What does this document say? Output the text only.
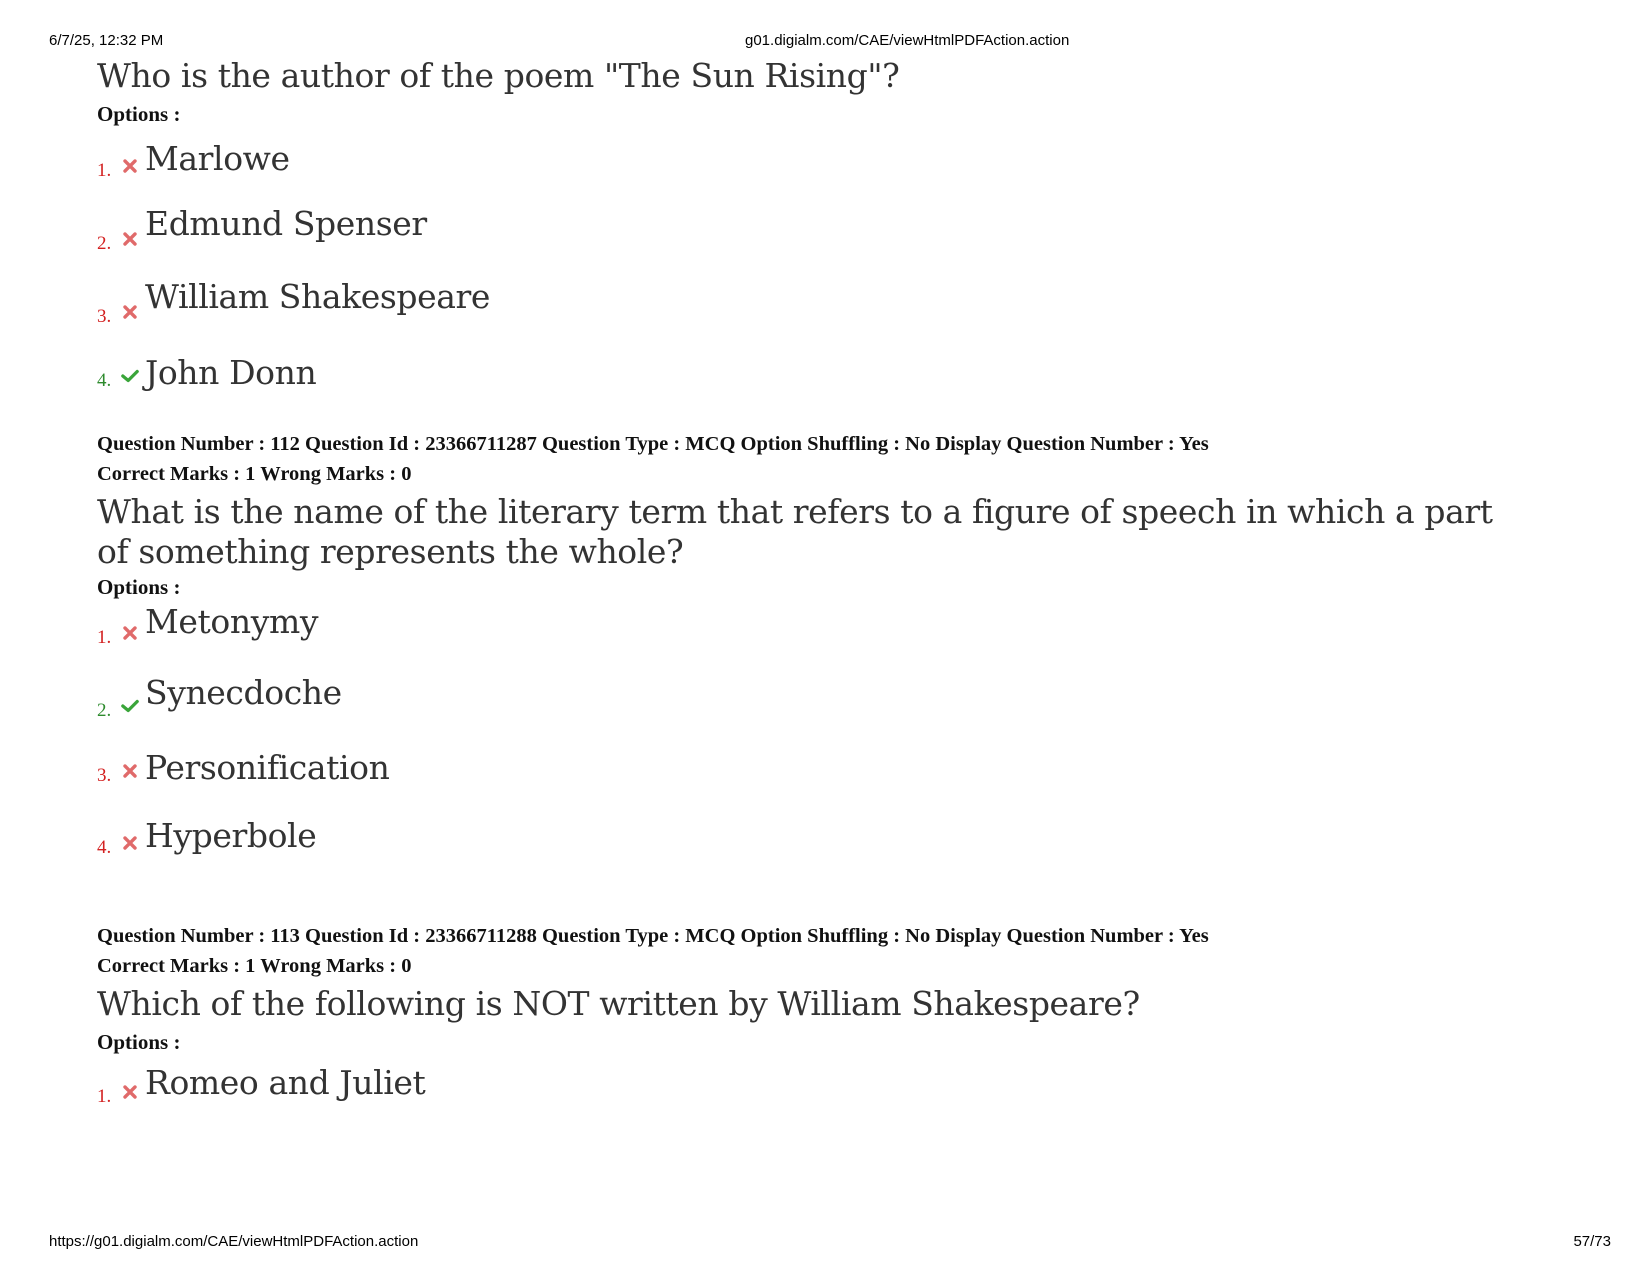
6/7/25, 12:32 PM	g01.digialm.com/CAE/viewHtmlPDFAction.action

Who is the author of the poem "The Sun Rising"?

Options :

1. Marlowe
2.
Edmund Spenser
3.
William Shakespeare
4. John Donn

Question Number : 112 Question Id : 23366711287 Question Type : MCQ Option Shuffling : No Display Question Number : Yes

Correct Marks : 1 Wrong Marks : 0

What is the name of the literary term that refers to a figure of speech in which a part

of something represents the whole?

Options :

1. Metonymy
2. Synecdoche
3. Personification
4. Hyperbole

Question Number : 113 Question Id : 23366711288 Question Type : MCQ Option Shuffling : No Display Question Number : Yes

Correct Marks : 1 Wrong Marks : 0

Which of the following is NOT written by William Shakespeare?

Options :

1. Romeo and Juliet
https://g01.digialm.com/CAE/viewHtmlPDFAction.action	57/73
